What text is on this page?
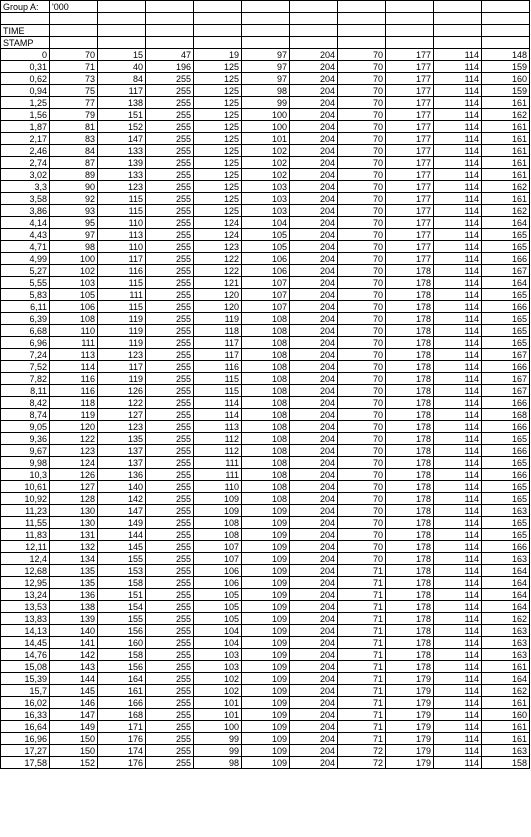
Group A:	'000									

TIME										
STAMP										
0	70	15	47	19	97	204	70	177	114	148
0,31	71	40	196	125	97	204	70	177	114	159
0,62	73	84	255	125	97	204	70	177	114	160
0,94	75	117	255	125	98	204	70	177	114	159
1,25	77	138	255	125	99	204	70	177	114	161
1,56	79	151	255	125	100	204	70	177	114	162
1,87	81	152	255	125	100	204	70	177	114	161
2,17	83	147	255	125	101	204	70	177	114	161
2,46	84	133	255	125	102	204	70	177	114	161
2,74	87	139	255	125	102	204	70	177	114	161
3,02	89	133	255	125	102	204	70	177	114	161
3,3	90	123	255	125	103	204	70	177	114	162
3,58	92	115	255	125	103	204	70	177	114	161
3,86	93	115	255	125	103	204	70	177	114	162
4,14	95	110	255	124	104	204	70	177	114	164
4,43	97	113	255	124	105	204	70	177	114	165
4,71	98	110	255	123	105	204	70	177	114	165
4,99	100	117	255	122	106	204	70	177	114	166
5,27	102	116	255	122	106	204	70	178	114	167
5,55	103	115	255	121	107	204	70	178	114	164
5,83	105	111	255	120	107	204	70	178	114	165
6,11	106	115	255	120	107	204	70	178	114	166
6,39	108	119	255	119	108	204	70	178	114	165
6,68	110	119	255	118	108	204	70	178	114	165
6,96	111	119	255	117	108	204	70	178	114	165
7,24	113	123	255	117	108	204	70	178	114	167
7,52	114	117	255	116	108	204	70	178	114	166
7,82	116	119	255	115	108	204	70	178	114	167
8,11	116	126	255	115	108	204	70	178	114	167
8,42	118	122	255	114	108	204	70	178	114	166
8,74	119	127	255	114	108	204	70	178	114	168
9,05	120	123	255	113	108	204	70	178	114	166
9,36	122	135	255	112	108	204	70	178	114	165
9,67	123	137	255	112	108	204	70	178	114	166
9,98	124	137	255	111	108	204	70	178	114	165
10,3	126	136	255	111	108	204	70	178	114	166
10,61	127	140	255	110	108	204	70	178	114	165
10,92	128	142	255	109	108	204	70	178	114	165
11,23	130	147	255	109	109	204	70	178	114	163
11,55	130	149	255	108	109	204	70	178	114	165
11,83	131	144	255	108	109	204	70	178	114	165
12,11	132	145	255	107	109	204	70	178	114	166
12,4	134	155	255	107	109	204	70	178	114	163
12,68	135	153	255	106	109	204	71	178	114	164
12,95	135	158	255	106	109	204	71	178	114	164
13,24	136	151	255	105	109	204	71	178	114	164
13,53	138	154	255	105	109	204	71	178	114	164
13,83	139	155	255	105	109	204	71	178	114	162
14,13	140	156	255	104	109	204	71	178	114	163
14,45	141	160	255	104	109	204	71	178	114	163
14,76	142	158	255	103	109	204	71	178	114	163
15,08	143	156	255	103	109	204	71	178	114	161
15,39	144	164	255	102	109	204	71	179	114	164
15,7	145	161	255	102	109	204	71	179	114	162
16,02	146	166	255	101	109	204	71	179	114	161
16,33	147	168	255	101	109	204	71	179	114	160
16,64	149	171	255	100	109	204	71	179	114	161
16,96	150	176	255	99	109	204	71	179	114	161
17,27	150	174	255	99	109	204	72	179	114	163
17,58	152	176	255	98	109	204	72	179	114	158
